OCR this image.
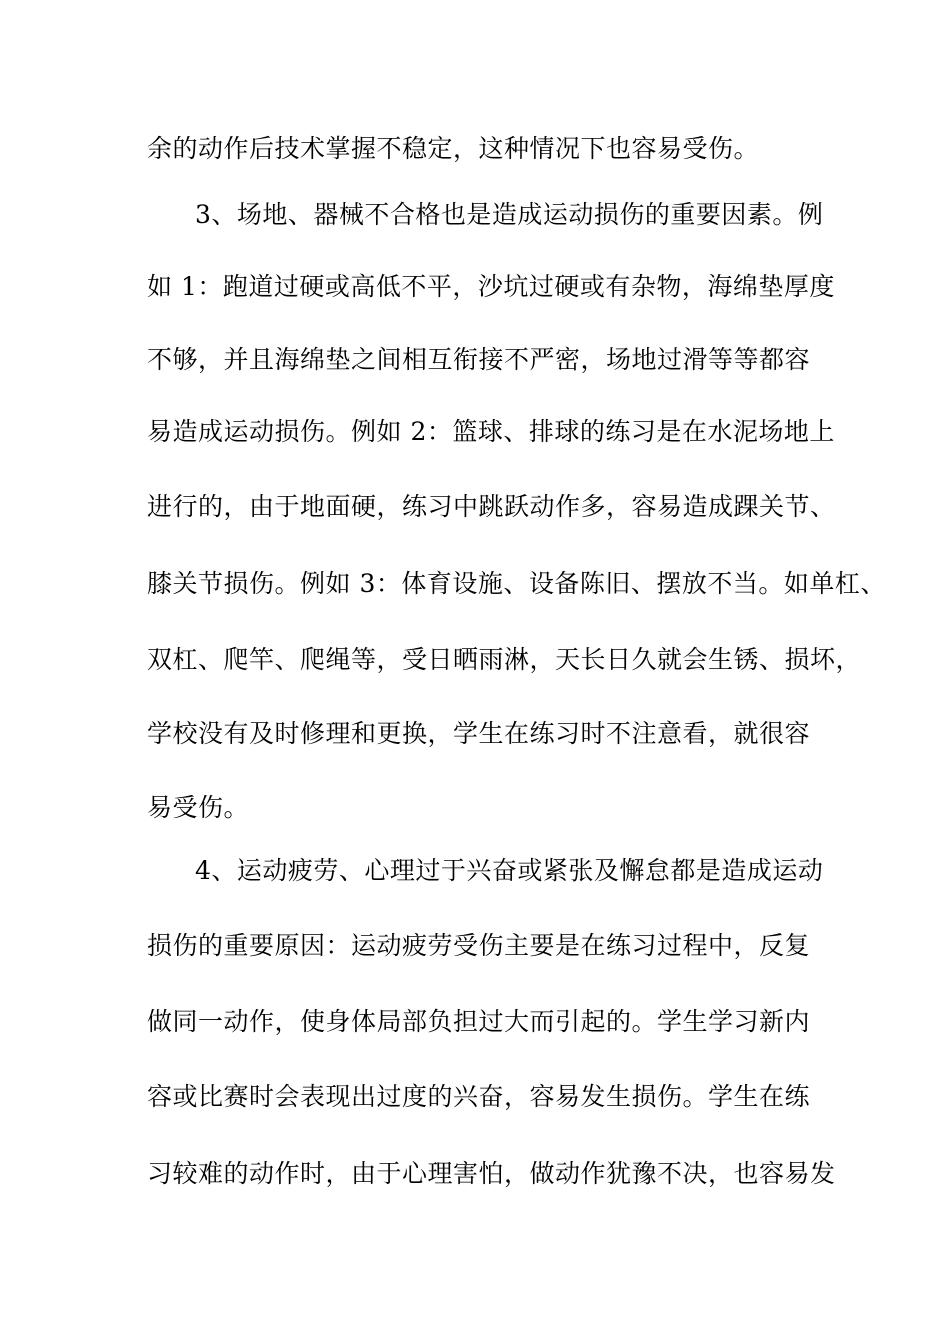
余的动作后技术掌握不稳定，这种情况下也容易受伤。
3、场地、器械不合格也是造成运动损伤的重要因素。例
如 1：跑道过硬或高低不平，沙坑过硬或有杂物，海绵垫厚度
不够，并且海绵垫之间相互衔接不严密，场地过滑等等都容
易造成运动损伤。例如 2：篮球、排球的练习是在水泥场地上
进行的，由于地面硬，练习中跳跃动作多，容易造成踝关节、
膝关节损伤。例如 3：体育设施、设备陈旧、摆放不当。如单杠、
双杠、爬竿、爬绳等，受日晒雨淋，天长日久就会生锈、损坏，
学校没有及时修理和更换，学生在练习时不注意看，就很容
易受伤。
4、运动疲劳、心理过于兴奋或紧张及懈怠都是造成运动
损伤的重要原因：运动疲劳受伤主要是在练习过程中，反复
做同一动作，使身体局部负担过大而引起的。学生学习新内
容或比赛时会表现出过度的兴奋，容易发生损伤。学生在练
习较难的动作时，由于心理害怕，做动作犹豫不决，也容易发
